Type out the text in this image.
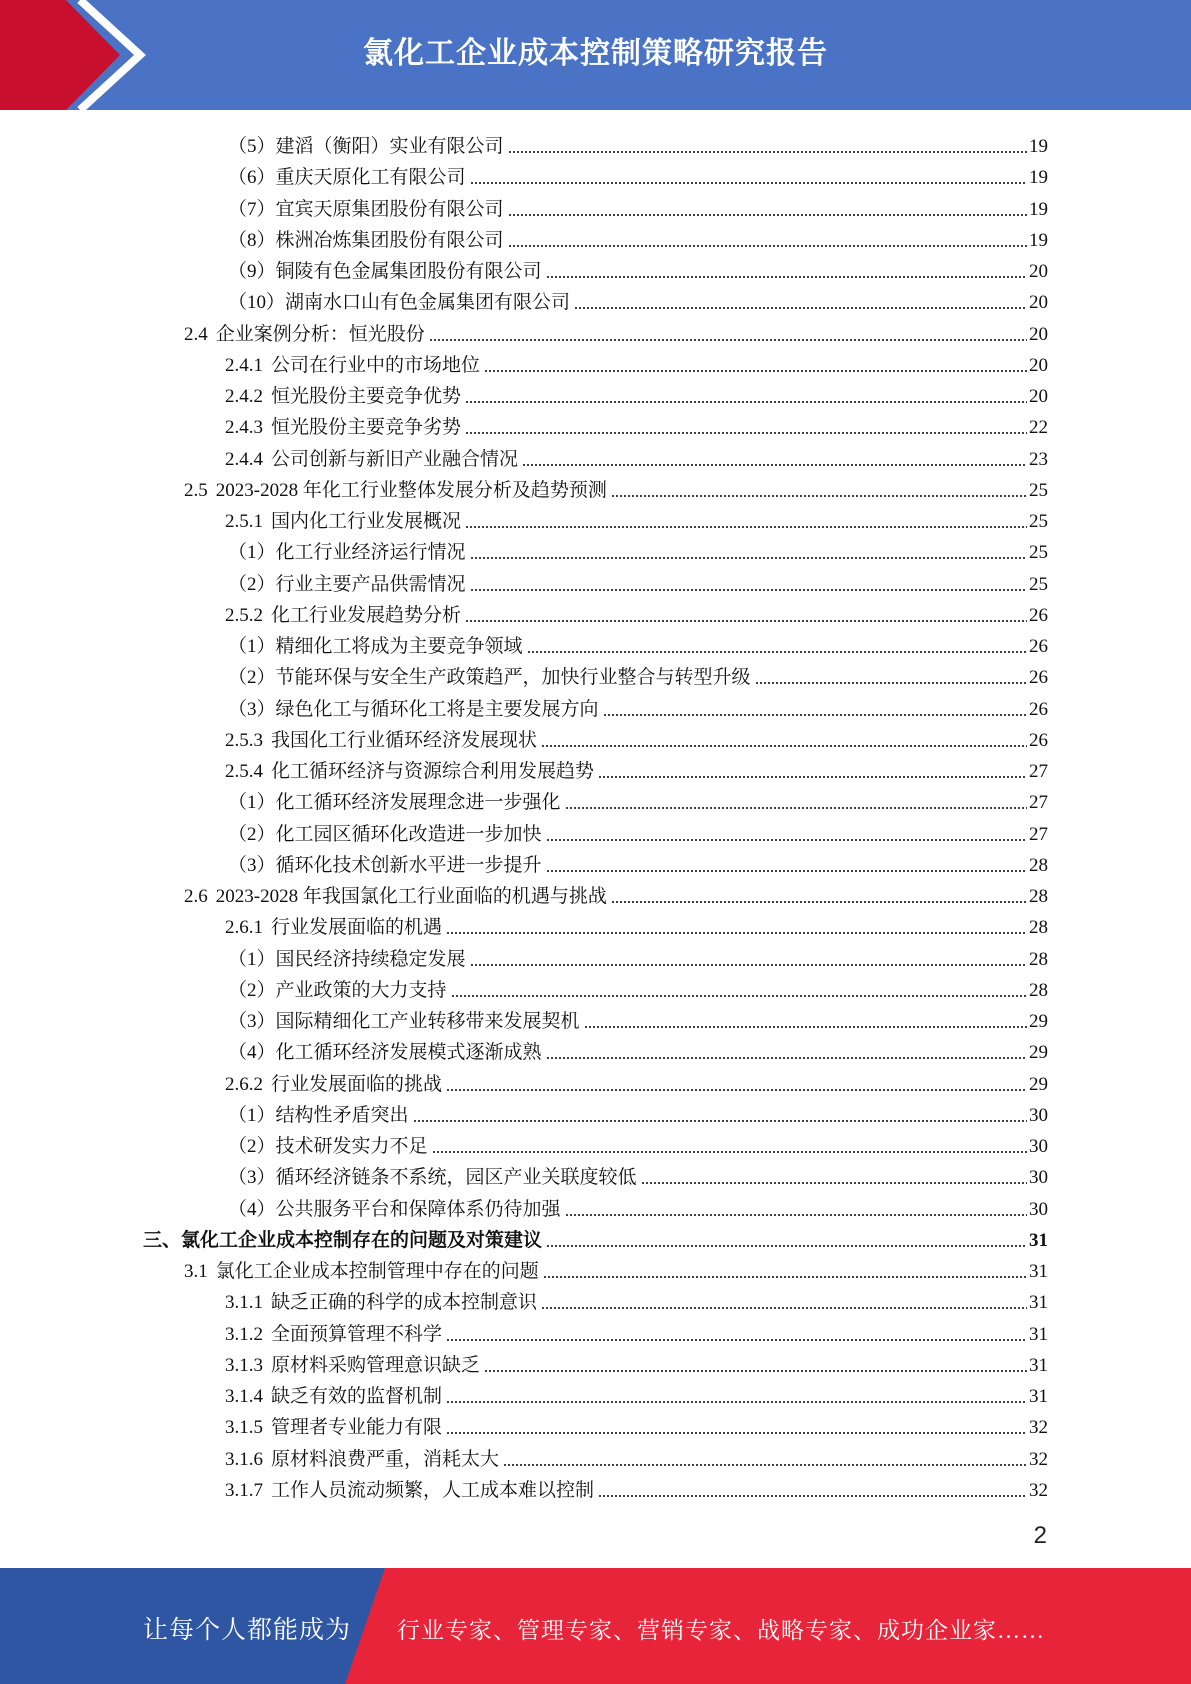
氯化工企业成本控制策略研究报告
（5） 建滔（衡阳）实业有限公司	19
（6） 重庆天原化工有限公司	19
（7） 宜宾天原集团股份有限公司	19
（8） 株洲冶炼集团股份有限公司	19
（9） 铜陵有色金属集团股份有限公司	20
（10） 湖南水口山有色金属集团有限公司	20
2.4 企业案例分析：恒光股份	20
2.4.1 公司在行业中的市场地位	20
2.4.2 恒光股份主要竞争优势	20
2.4.3 恒光股份主要竞争劣势	22
2.4.4 公司创新与新旧产业融合情况	23
2.5 2023-2028 年化工行业整体发展分析及趋势预测	25
2.5.1 国内化工行业发展概况	25
（1） 化工行业经济运行情况	25
（2） 行业主要产品供需情况	25
2.5.2 化工行业发展趋势分析	26
（1） 精细化工将成为主要竞争领域	26
（2） 节能环保与安全生产政策趋严，加快行业整合与转型升级	26
（3） 绿色化工与循环化工将是主要发展方向	26
2.5.3 我国化工行业循环经济发展现状	26
2.5.4 化工循环经济与资源综合利用发展趋势	27
（1） 化工循环经济发展理念进一步强化	27
（2） 化工园区循环化改造进一步加快	27
（3） 循环化技术创新水平进一步提升	28
2.6 2023-2028 年我国氯化工行业面临的机遇与挑战	28
2.6.1 行业发展面临的机遇	28
（1） 国民经济持续稳定发展	28
（2） 产业政策的大力支持	28
（3） 国际精细化工产业转移带来发展契机	29
（4） 化工循环经济发展模式逐渐成熟	29
2.6.2 行业发展面临的挑战	29
（1） 结构性矛盾突出	30
（2） 技术研发实力不足	30
（3） 循环经济链条不系统，园区产业关联度较低	30
（4） 公共服务平台和保障体系仍待加强	30
三、 氯化工企业成本控制存在的问题及对策建议	31
3.1 氯化工企业成本控制管理中存在的问题	31
3.1.1 缺乏正确的科学的成本控制意识	31
3.1.2 全面预算管理不科学	31
3.1.3 原材料采购管理意识缺乏	31
3.1.4 缺乏有效的监督机制	31
3.1.5 管理者专业能力有限	32
3.1.6 原材料浪费严重，消耗太大	32
3.1.7 工作人员流动频繁，人工成本难以控制	32
2
让每个人都能成为 行业专家、管理专家、营销专家、战略专家、成功企业家……
